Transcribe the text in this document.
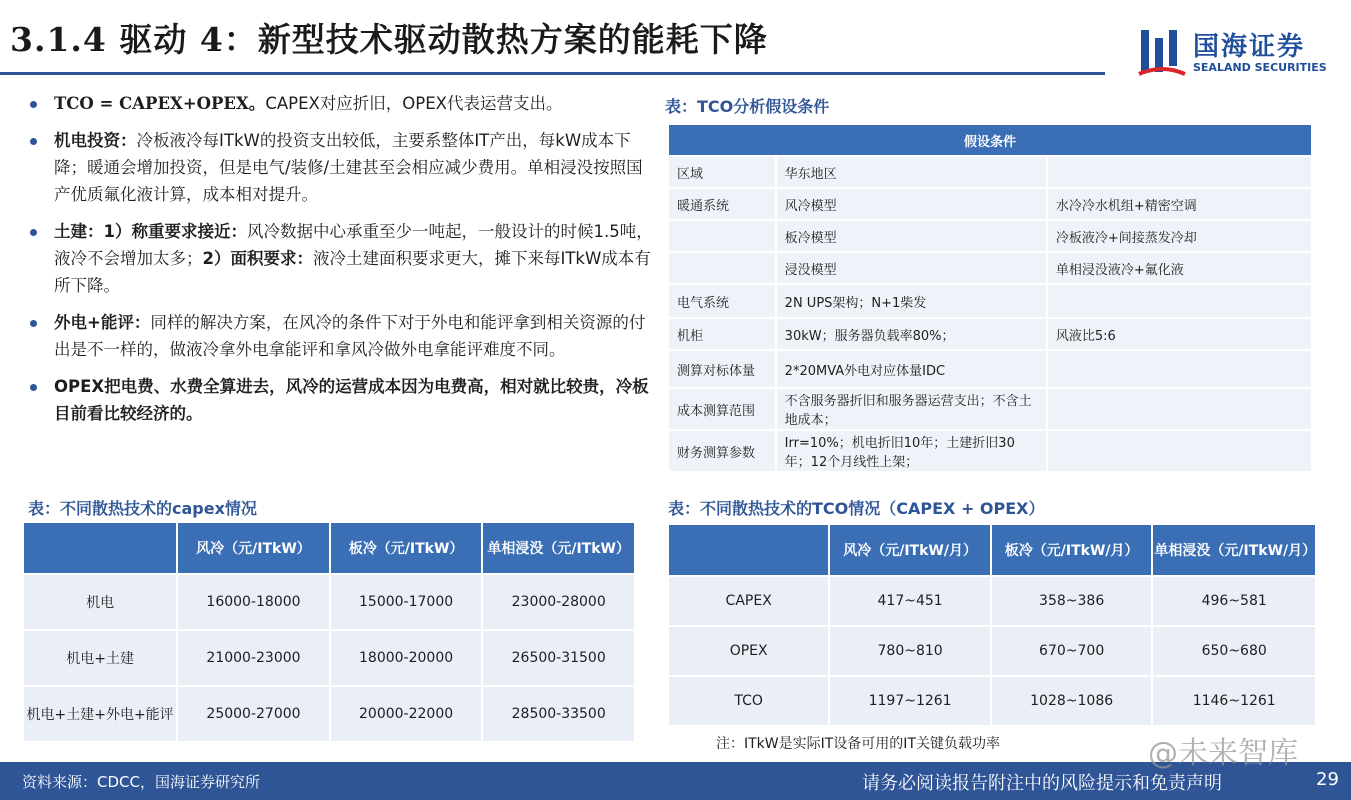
3.1.4 驱动 4：新型技术驱动散热方案的能耗下降	国海证券
SEALAND SECURITIES
TCO = CAPEX+OPEX。CAPEX对应折旧，OPEX代表运营支出。
机电投资：冷板液冷每ITkW的投资支出较低，主要系整体IT产出，每kW成本下降；暖通会增加投资，但是电气/装修/土建甚至会相应减少费用。单相浸没按照国产优质氟化液计算，成本相对提升。
土建：1）称重要求接近：风冷数据中心承重至少一吨起，一般设计的时候1.5吨，液冷不会增加太多；2）面积要求：液冷土建面积要求更大，摊下来每ITkW成本有所下降。
外电+能评：同样的解决方案，在风冷的条件下对于外电和能评拿到相关资源的付出是不一样的，做液冷拿外电拿能评和拿风冷做外电拿能评难度不同。
OPEX把电费、水费全算进去，风冷的运营成本因为电费高，相对就比较贵，冷板目前看比较经济的。
表：TCO分析假设条件
假设条件		
区域	华东地区	
暖通系统	风冷模型	水冷冷水机组+精密空调
	板冷模型	冷板液冷+间接蒸发冷却
	浸没模型	单相浸没液冷+氟化液
电气系统	2N UPS架构；N+1柴发	
机柜	30kW；服务器负载率80%；	风液比5:6
测算对标体量	2*20MVA外电对应体量IDC	
成本测算范围	不含服务器折旧和服务器运营支出；不含土地成本；	
财务测算参数	Irr=10%；机电折旧10年；土建折旧30年；12个月线性上架；	
表：不同散热技术的capex情况
	风冷（元/ITkW）	板冷（元/ITkW）	单相浸没（元/ITkW）
机电	16000-18000	15000-17000	23000-28000
机电+土建	21000-23000	18000-20000	26500-31500
机电+土建+外电+能评	25000-27000	20000-22000	28500-33500
表：不同散热技术的TCO情况（CAPEX + OPEX）
	风冷（元/ITkW/月）	板冷（元/ITkW/月）	单相浸没（元/ITkW/月）
CAPEX	417~451	358~386	496~581
OPEX	780~810	670~700	650~680
TCO	1197~1261	1028~1086	1146~1261
注：ITkW是实际IT设备可用的IT关键负载功率
资料来源：CDCC，国海证券研究所	请务必阅读报告附注中的风险提示和免责声明	29
@未来智库
